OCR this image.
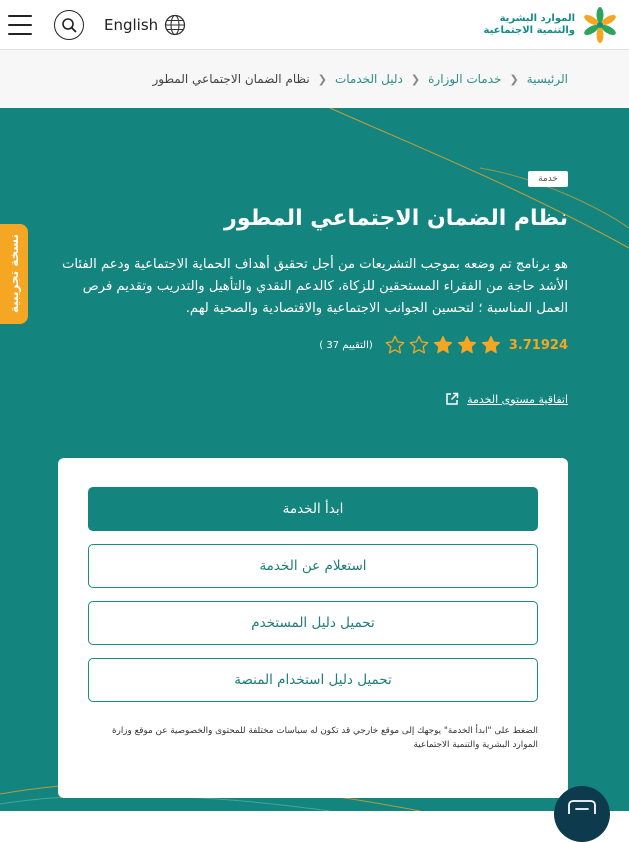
English	الموارد البشرية
والتنمية الاجتماعية
الرئيسية
❮
خدمات الوزارة
❮
دليل الخدمات
❮
نظام الضمان الاجتماعي المطور
خدمة
نظام الضمان الاجتماعي المطور
هو برنامج تم وضعه بموجب التشريعات من أجل تحقيق أهداف الحماية الاجتماعية ودعم الفئات الأشد حاجة من الفقراء المستحقين للزكاة، كالدعم النقدي والتأهيل والتدريب وتقديم فرص العمل المناسبة ؛ لتحسين الجوانب الاجتماعية والاقتصادية والصحية لهم.
3.71924
(التقييم 37 )
اتفاقية مستوى الخدمة
ابدأ الخدمة
استعلام عن الخدمة
تحميل دليل المستخدم
تحميل دليل استخدام المنصة
الضغط على "ابدأ الخدمة" يوجهك إلى موقع خارجي قد تكون له سياسات مختلفة للمحتوى والخصوصية عن موقع وزارة الموارد البشرية والتنمية الاجتماعية
نسخة تجريبية
